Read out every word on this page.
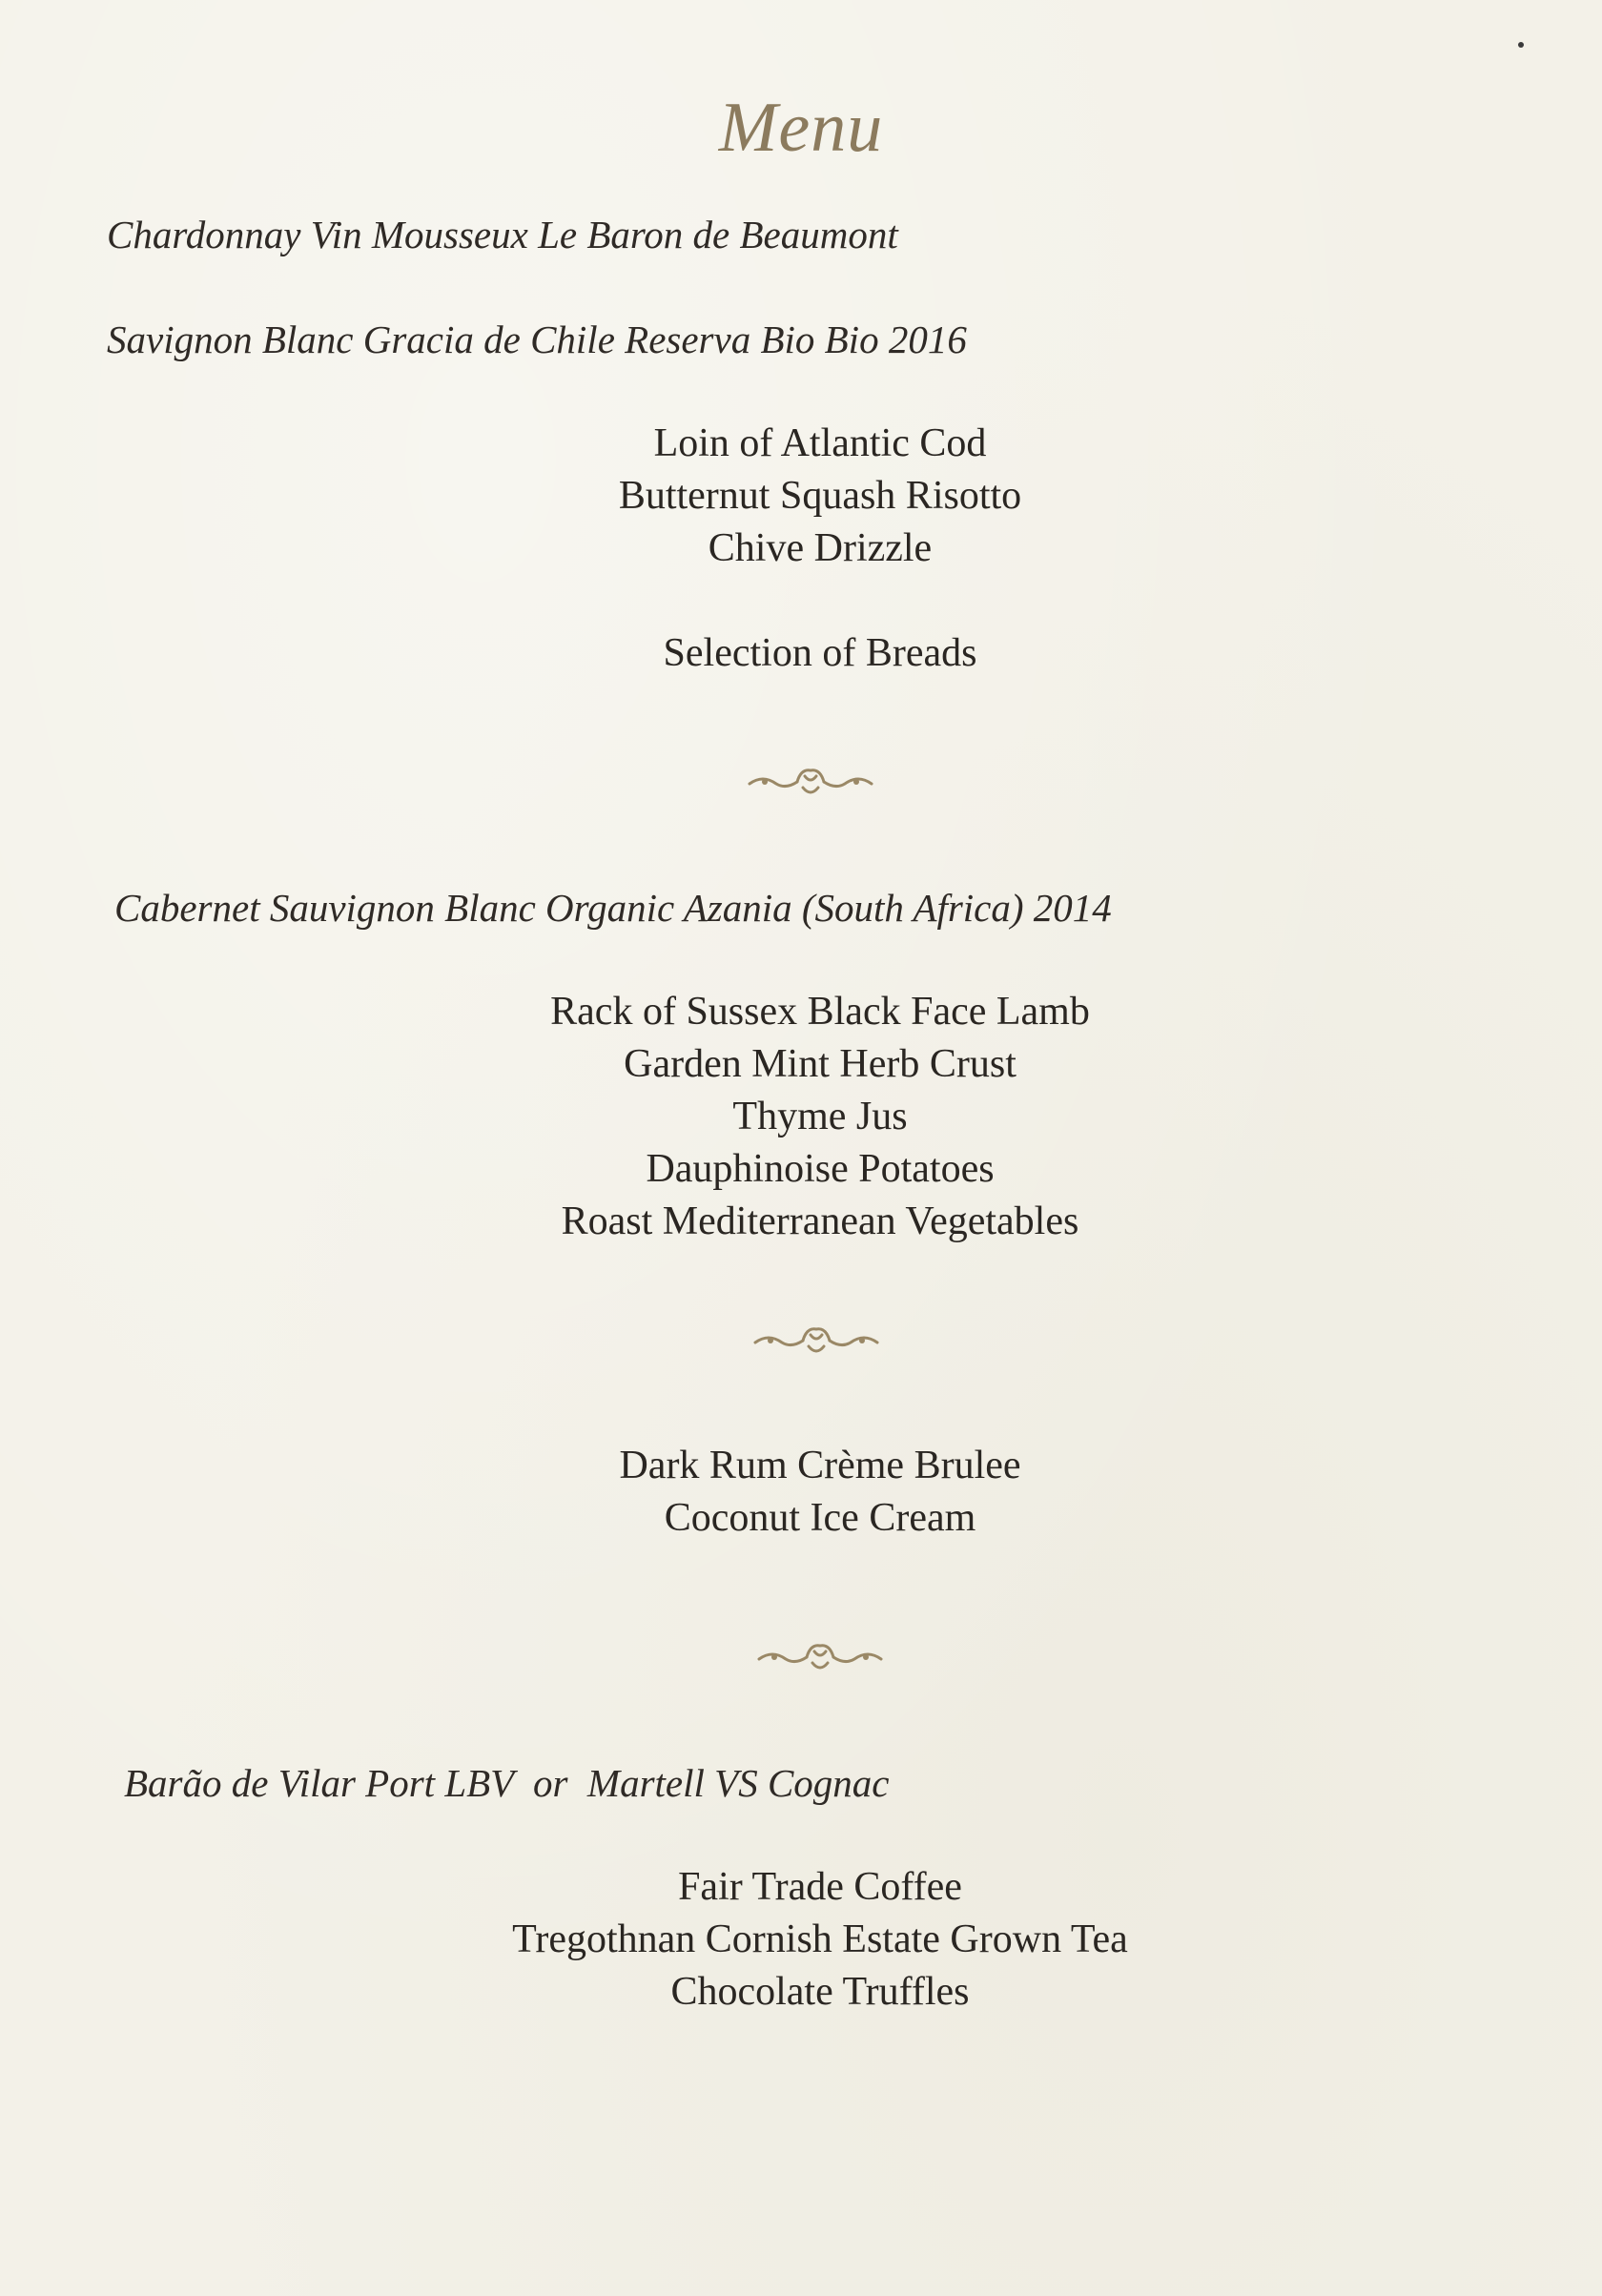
Menu
Chardonnay Vin Mousseux Le Baron de Beaumont
Savignon Blanc Gracia de Chile Reserva Bio Bio 2016
Loin of Atlantic Cod
Butternut Squash Risotto
Chive Drizzle
Selection of Breads
Cabernet Sauvignon Blanc Organic Azania (South Africa) 2014
Rack of Sussex Black Face Lamb
Garden Mint Herb Crust
Thyme Jus
Dauphinoise Potatoes
Roast Mediterranean Vegetables
Dark Rum Crème Brulee
Coconut Ice Cream
Barão de Vilar Port LBV  or  Martell VS Cognac
Fair Trade Coffee
Tregothnan Cornish Estate Grown Tea
Chocolate Truffles
